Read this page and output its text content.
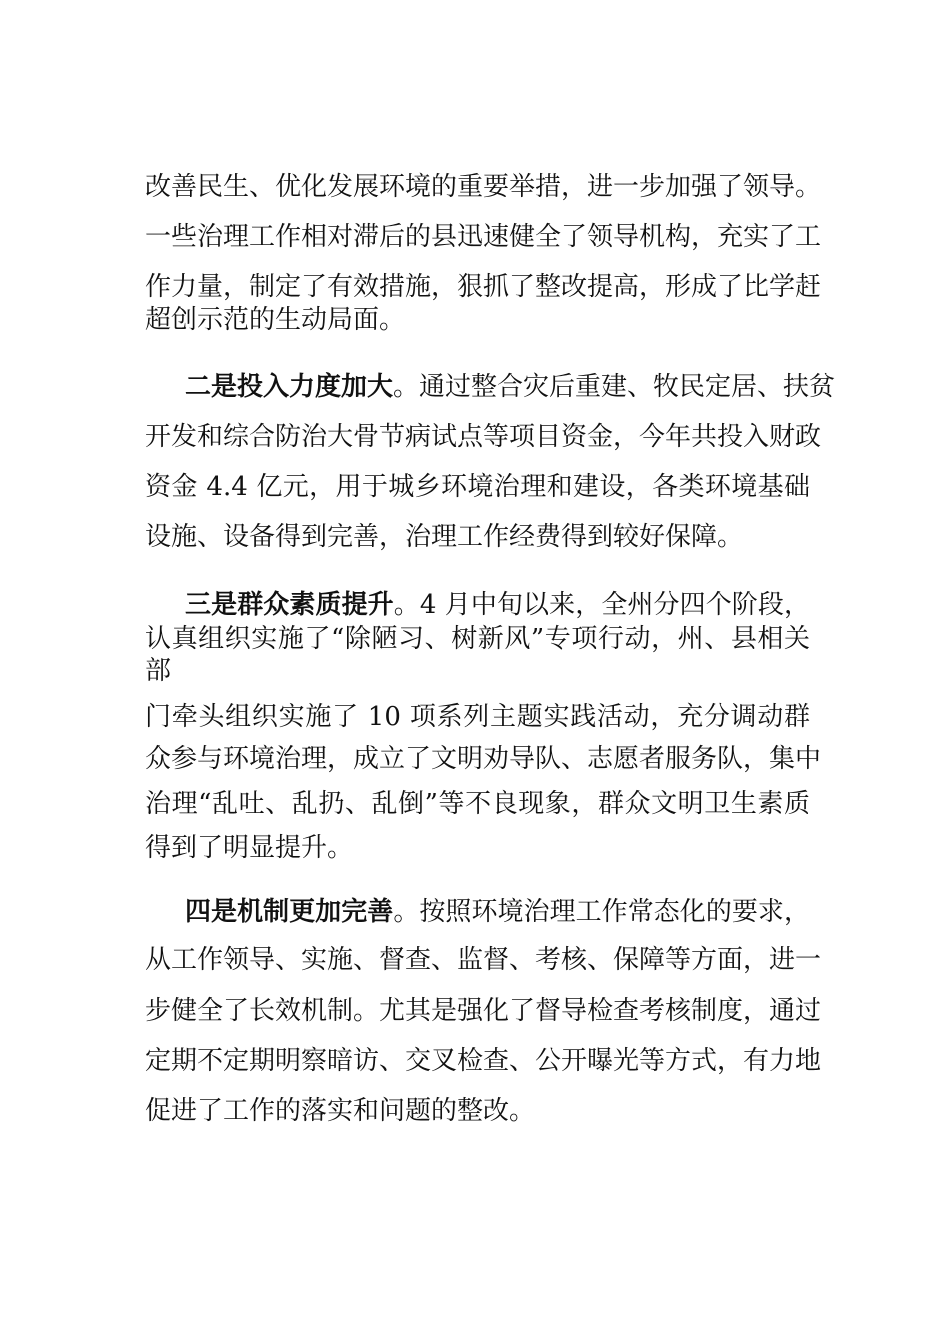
改善民生、优化发展环境的重要举措，进一步加强了领导。
一些治理工作相对滞后的县迅速健全了领导机构，充实了工
作力量，制定了有效措施，狠抓了整改提高，形成了比学赶
超创示范的生动局面。
二是投入力度加大。通过整合灾后重建、牧民定居、扶贫
开发和综合防治大骨节病试点等项目资金，今年共投入财政
资金 4.4 亿元，用于城乡环境治理和建设，各类环境基础
设施、设备得到完善，治理工作经费得到较好保障。
三是群众素质提升。4 月中旬以来，全州分四个阶段，
认真组织实施了“除陋习、树新风”专项行动，州、县相关
部
门牵头组织实施了 10 项系列主题实践活动，充分调动群
众参与环境治理，成立了文明劝导队、志愿者服务队，集中
治理“乱吐、乱扔、乱倒”等不良现象，群众文明卫生素质
得到了明显提升。
四是机制更加完善。按照环境治理工作常态化的要求，
从工作领导、实施、督查、监督、考核、保障等方面，进一
步健全了长效机制。尤其是强化了督导检查考核制度，通过
定期不定期明察暗访、交叉检查、公开曝光等方式，有力地
促进了工作的落实和问题的整改。
